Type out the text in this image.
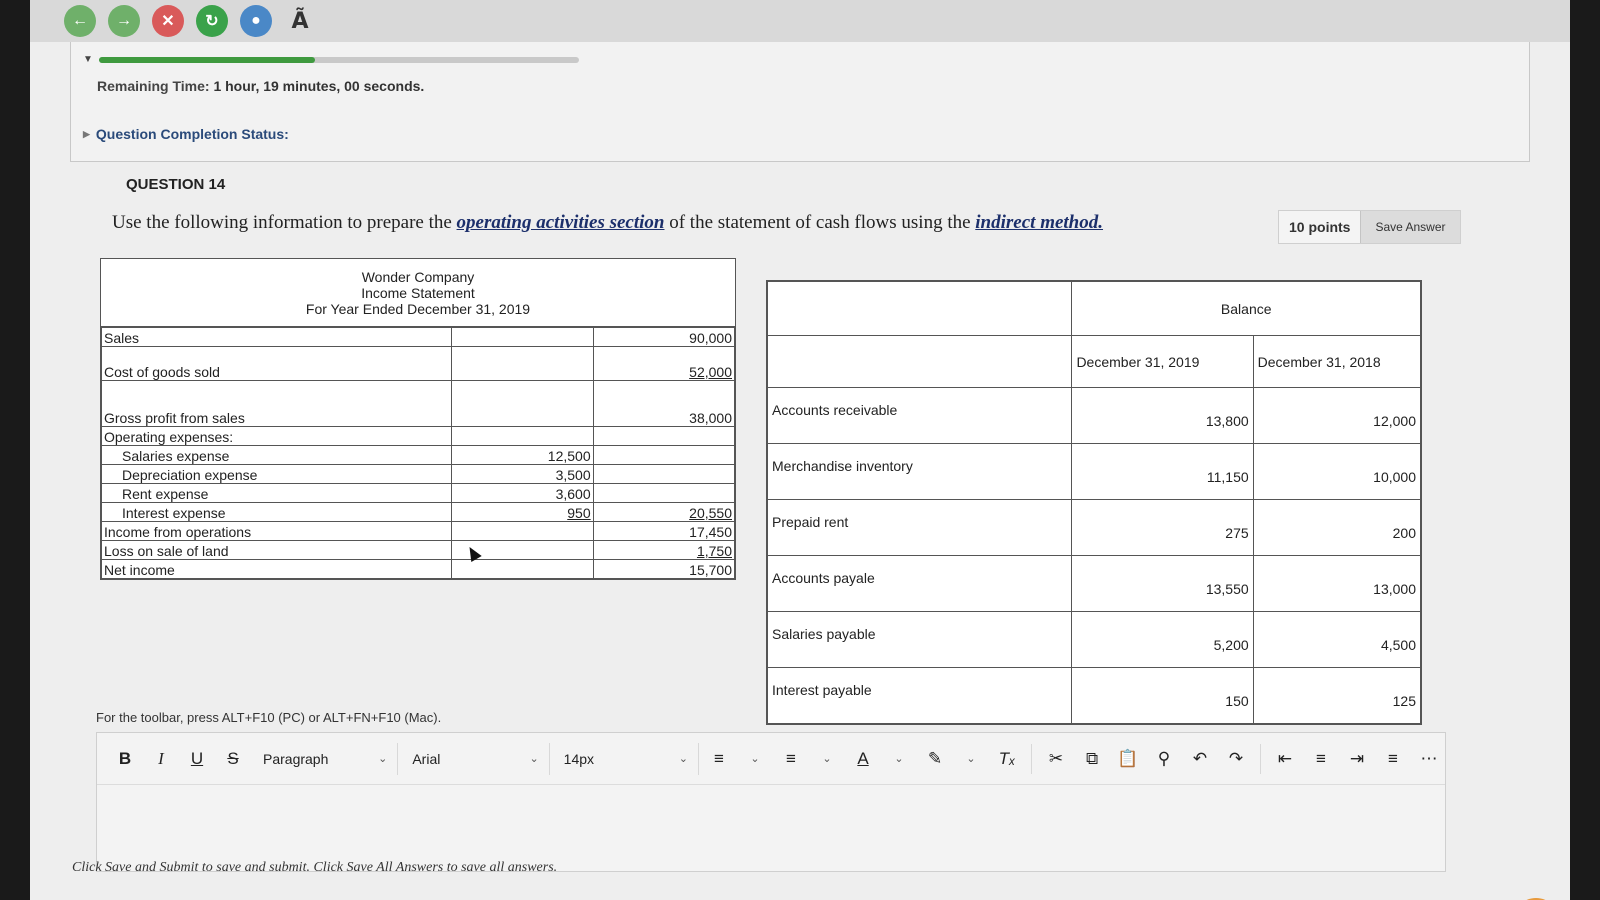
←	→	✕	↻	●	Ã
▼
Remaining Time: 1 hour, 19 minutes, 00 seconds.
▶ Question Completion Status:
QUESTION 14
10 points	Save Answer
Use the following information to prepare the operating activities section of the statement of cash flows using the indirect method.
Wonder Company
Income Statement
For Year Ended December 31, 2019
Sales		90,000
Cost of goods sold		52,000
Gross profit from sales		38,000
Operating expenses:		
Salaries expense	12,500	
Depreciation expense	3,500	
Rent expense	3,600	
Interest expense	950	20,550
Income from operations		17,450
Loss on sale of land		1,750
Net income		15,700
	Balance	
	December 31, 2019	December 31, 2018
Accounts receivable	13,800	12,000
Merchandise inventory	11,150	10,000
Prepaid rent	275	200
Accounts payale	13,550	13,000
Salaries payable	5,200	4,500
Interest payable	150	125
For the toolbar, press ALT+F10 (PC) or ALT+FN+F10 (Mac).
B	I	U	S	Paragraph	⌄ Arial	⌄ 14px	⌄	≡	⌄	≡	⌄	A	⌄	✎	⌄	Tₓ	✂	⧉	📋	⚲	↶	↷	⇤	≡	⇥	≡	⋯
Click Save and Submit to save and submit. Click Save All Answers to save all answers.
